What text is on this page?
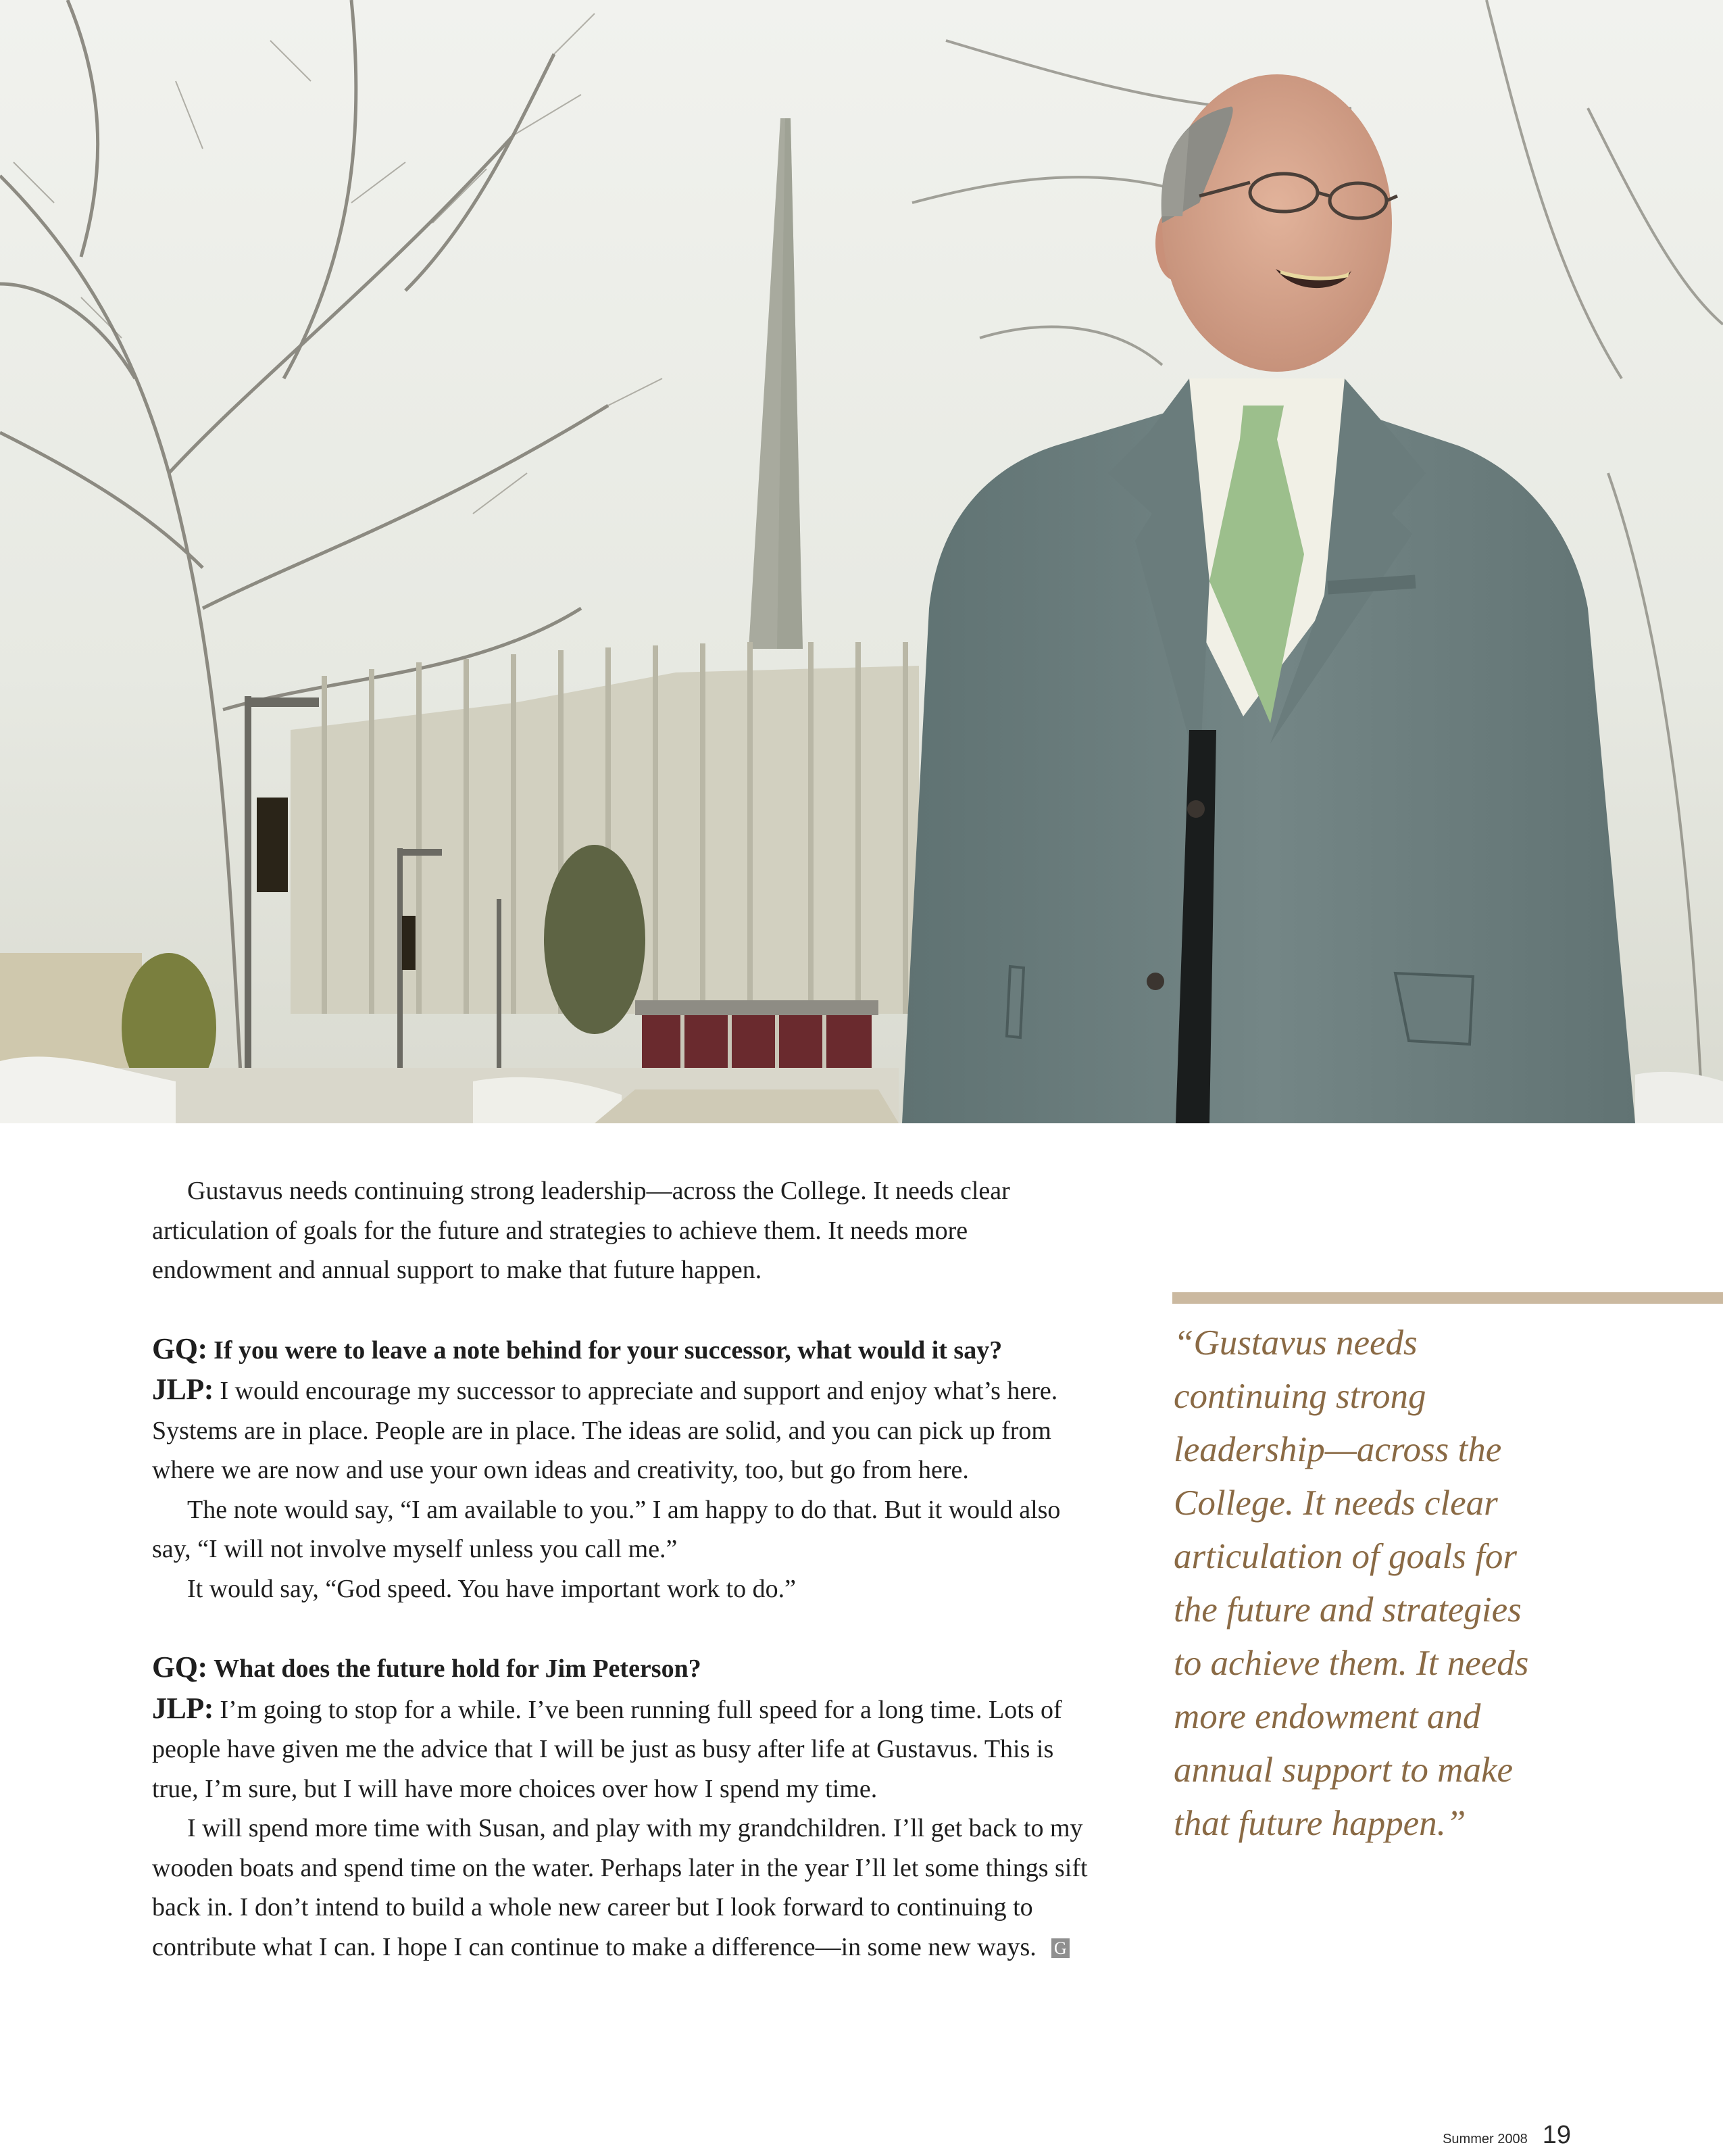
Gustavus needs continuing strong leadership—across the College. It needs clear articulation of goals for the future and strategies to achieve them. It needs more endowment and annual support to make that future happen.

GQ: If you were to leave a note behind for your successor, what would it say?

JLP: I would encourage my successor to appreciate and support and enjoy what’s here. Systems are in place. People are in place. The ideas are solid, and you can pick up from where we are now and use your own ideas and creativity, too, but go from here.

The note would say, “I am available to you.” I am happy to do that. But it would also say, “I will not involve myself unless you call me.”

It would say, “God speed. You have important work to do.”

GQ: What does the future hold for Jim Peterson?

JLP: I’m going to stop for a while. I’ve been running full speed for a long time. Lots of people have given me the advice that I will be just as busy after life at Gustavus. This is true, I’m sure, but I will have more choices over how I spend my time.

I will spend more time with Susan, and play with my grandchildren. I’ll get back to my wooden boats and spend time on the water. Perhaps later in the year I’ll let some things sift back in. I don’t intend to build a whole new career but I look forward to continuing to contribute what I can. I hope I can continue to make a difference—in some new ways. G

“Gustavus needs
continuing strong
leadership—across the
College. It needs clear
articulation of goals for
the future and strategies
to achieve them. It needs
more endowment and
annual support to make
that future happen.”
Summer 2008 19
